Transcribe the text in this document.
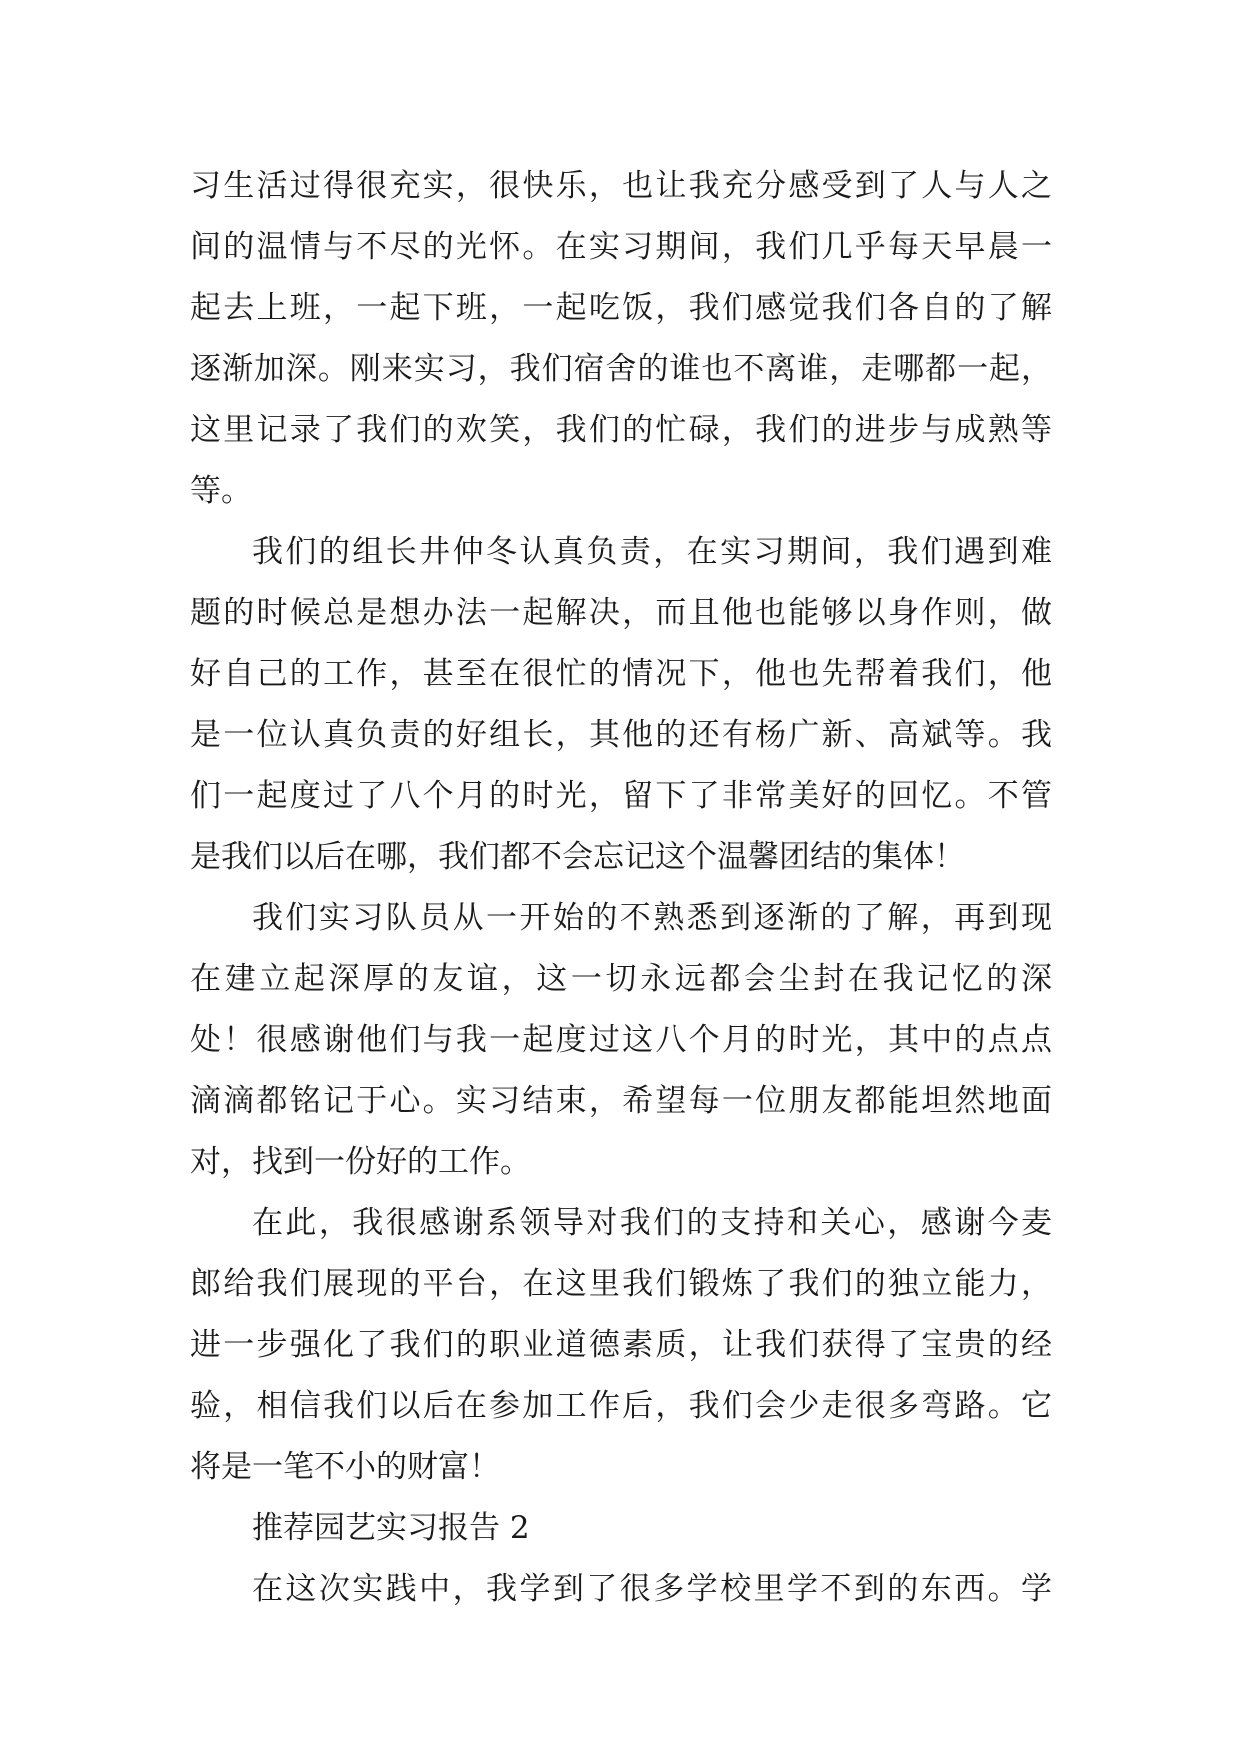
习生活过得很充实，很快乐，也让我充分感受到了人与人之
间的温情与不尽的光怀。在实习期间，我们几乎每天早晨一
起去上班，一起下班，一起吃饭，我们感觉我们各自的了解
逐渐加深。刚来实习，我们宿舍的谁也不离谁，走哪都一起，
这里记录了我们的欢笑，我们的忙碌，我们的进步与成熟等
等。
我们的组长井仲冬认真负责，在实习期间，我们遇到难
题的时候总是想办法一起解决，而且他也能够以身作则，做
好自己的工作，甚至在很忙的情况下，他也先帮着我们，他
是一位认真负责的好组长，其他的还有杨广新、高斌等。我
们一起度过了八个月的时光，留下了非常美好的回忆。不管
是我们以后在哪，我们都不会忘记这个温馨团结的集体！
我们实习队员从一开始的不熟悉到逐渐的了解，再到现
在建立起深厚的友谊，这一切永远都会尘封在我记忆的深
处！很感谢他们与我一起度过这八个月的时光，其中的点点
滴滴都铭记于心。实习结束，希望每一位朋友都能坦然地面
对，找到一份好的工作。
在此，我很感谢系领导对我们的支持和关心，感谢今麦
郎给我们展现的平台，在这里我们锻炼了我们的独立能力，
进一步强化了我们的职业道德素质，让我们获得了宝贵的经
验，相信我们以后在参加工作后，我们会少走很多弯路。它
将是一笔不小的财富！
推荐园艺实习报告 2
在这次实践中，我学到了很多学校里学不到的东西。学
